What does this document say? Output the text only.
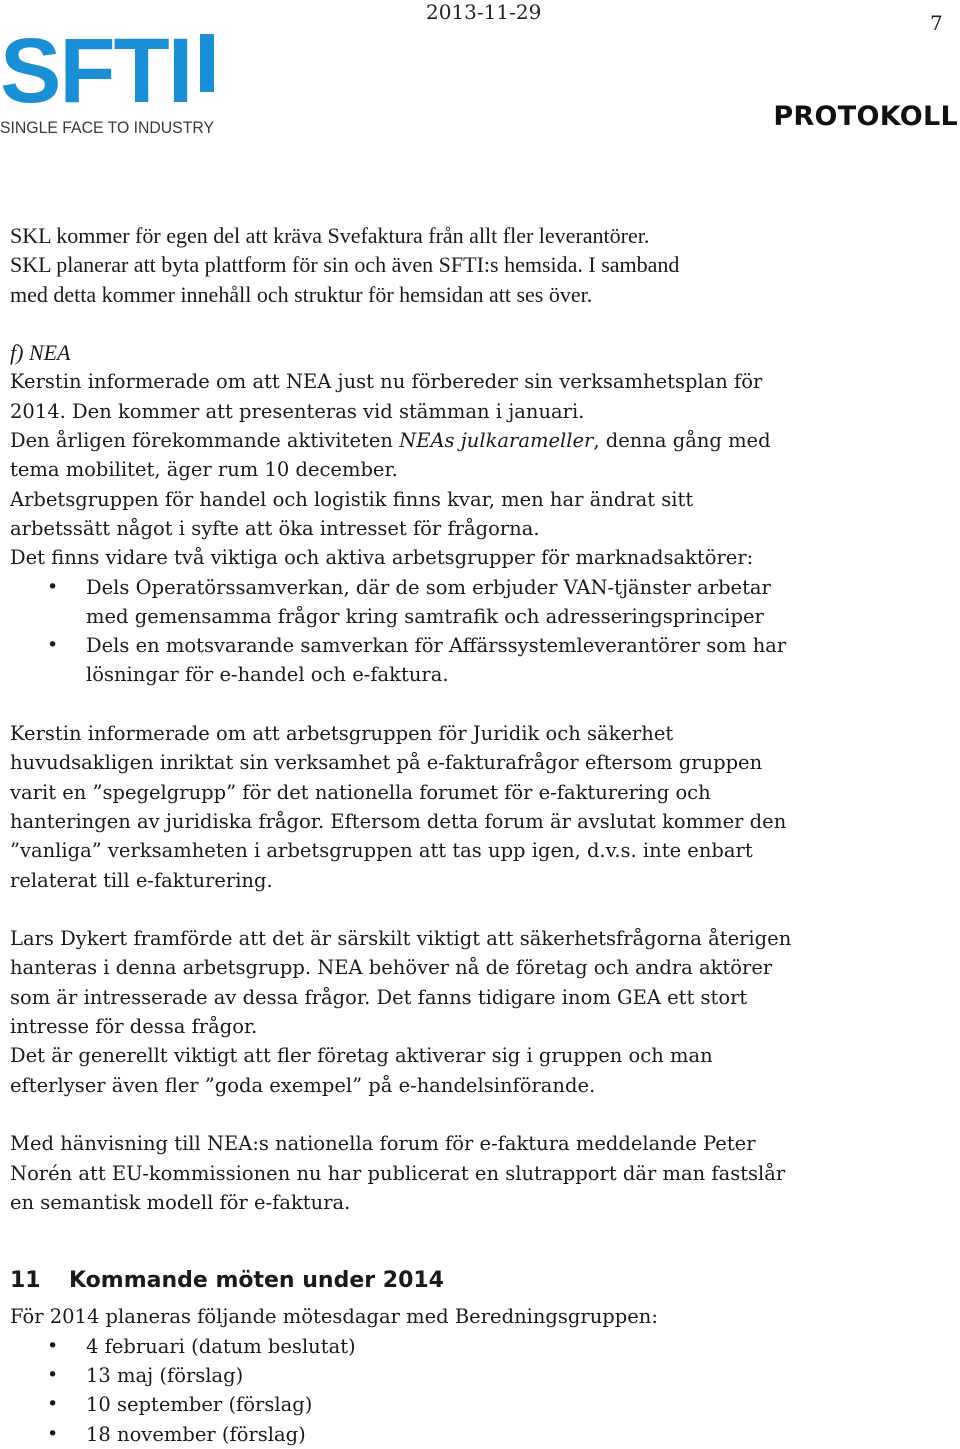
SFTI
SINGLE FACE TO INDUSTRY
2013-11-29	7
PROTOKOLL
SKL kommer för egen del att kräva Svefaktura från allt fler leverantörer.
SKL planerar att byta plattform för sin och även SFTI:s hemsida. I samband
med detta kommer innehåll och struktur för hemsidan att ses över.
f) NEA
Kerstin informerade om att NEA just nu förbereder sin verksamhetsplan för
2014. Den kommer att presenteras vid stämman i januari.
Den årligen förekommande aktiviteten NEAs julkarameller, denna gång med
tema mobilitet, äger rum 10 december.
Arbetsgruppen för handel och logistik finns kvar, men har ändrat sitt
arbetssätt något i syfte att öka intresset för frågorna.
Det finns vidare två viktiga och aktiva arbetsgrupper för marknadsaktörer:
• Dels Operatörssamverkan, där de som erbjuder VAN-tjänster arbetar
med gemensamma frågor kring samtrafik och adresseringsprinciper
• Dels en motsvarande samverkan för Affärssystemleverantörer som har
lösningar för e-handel och e-faktura.
Kerstin informerade om att arbetsgruppen för Juridik och säkerhet
huvudsakligen inriktat sin verksamhet på e-fakturafrågor eftersom gruppen
varit en ”spegelgrupp” för det nationella forumet för e-fakturering och
hanteringen av juridiska frågor. Eftersom detta forum är avslutat kommer den
”vanliga” verksamheten i arbetsgruppen att tas upp igen, d.v.s. inte enbart
relaterat till e-fakturering.
Lars Dykert framförde att det är särskilt viktigt att säkerhetsfrågorna återigen
hanteras i denna arbetsgrupp. NEA behöver nå de företag och andra aktörer
som är intresserade av dessa frågor. Det fanns tidigare inom GEA ett stort
intresse för dessa frågor.
Det är generellt viktigt att fler företag aktiverar sig i gruppen och man
efterlyser även fler ”goda exempel” på e-handelsinförande.
Med hänvisning till NEA:s nationella forum för e-faktura meddelande Peter
Norén att EU-kommissionen nu har publicerat en slutrapport där man fastslår
en semantisk modell för e-faktura.
11 Kommande möten under 2014
För 2014 planeras följande mötesdagar med Beredningsgruppen:
• 4 februari (datum beslutat)
• 13 maj (förslag)
• 10 september (förslag)
• 18 november (förslag)
